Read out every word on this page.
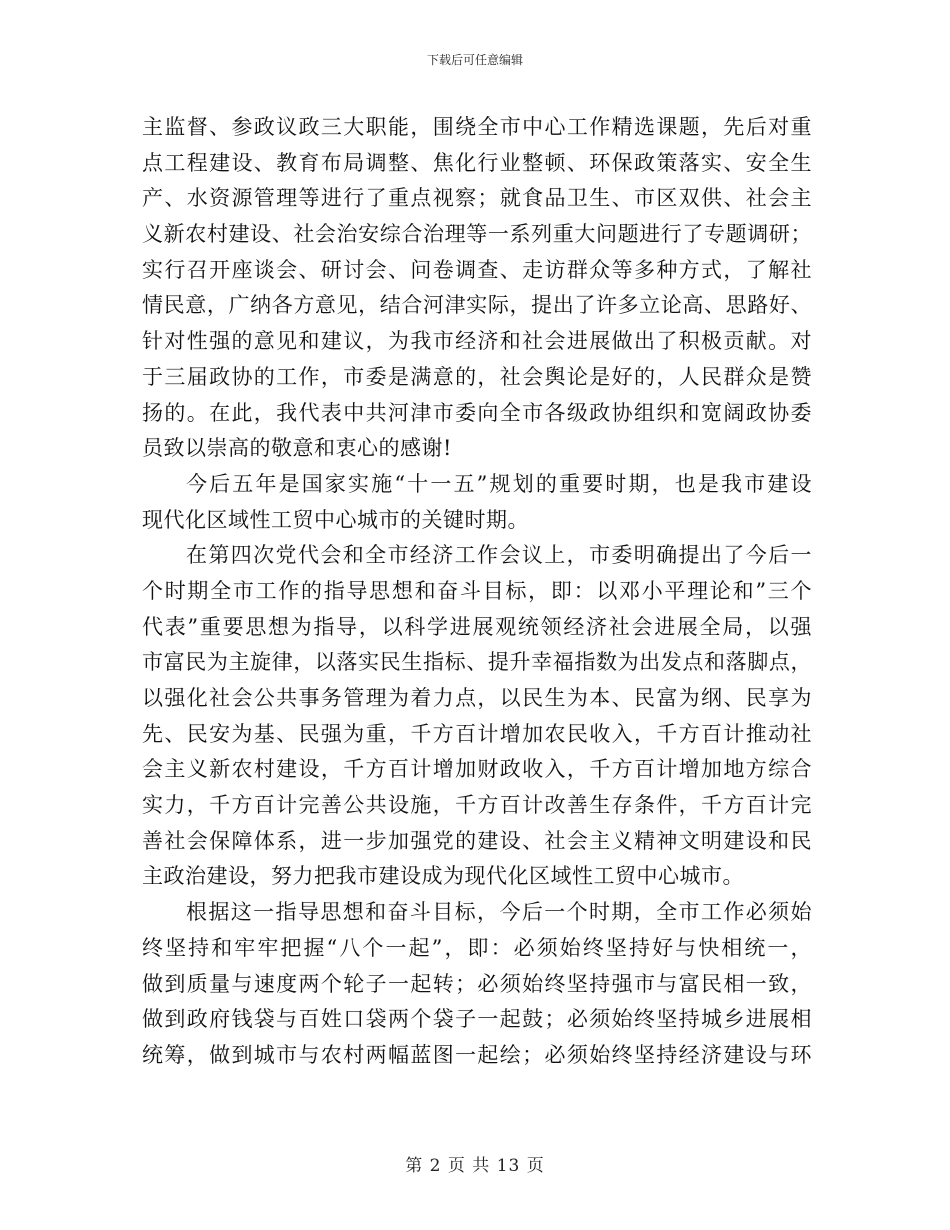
下载后可任意编辑
主监督、参政议政三大职能，围绕全市中心工作精选课题，先后对重
点工程建设、教育布局调整、焦化行业整顿、环保政策落实、安全生
产、水资源管理等进行了重点视察；就食品卫生、市区双供、社会主
义新农村建设、社会治安综合治理等一系列重大问题进行了专题调研；
实行召开座谈会、研讨会、问卷调查、走访群众等多种方式，了解社
情民意，广纳各方意见，结合河津实际，提出了许多立论高、思路好、
针对性强的意见和建议，为我市经济和社会进展做出了积极贡献。对
于三届政协的工作，市委是满意的，社会舆论是好的，人民群众是赞
扬的。在此，我代表中共河津市委向全市各级政协组织和宽阔政协委
员致以崇高的敬意和衷心的感谢!
今后五年是国家实施“十一五”规划的重要时期，也是我市建设
现代化区域性工贸中心城市的关键时期。
在第四次党代会和全市经济工作会议上，市委明确提出了今后一
个时期全市工作的指导思想和奋斗目标，即：以邓小平理论和”三个
代表”重要思想为指导，以科学进展观统领经济社会进展全局，以强
市富民为主旋律，以落实民生指标、提升幸福指数为出发点和落脚点，
以强化社会公共事务管理为着力点，以民生为本、民富为纲、民享为
先、民安为基、民强为重，千方百计增加农民收入，千方百计推动社
会主义新农村建设，千方百计增加财政收入，千方百计增加地方综合
实力，千方百计完善公共设施，千方百计改善生存条件，千方百计完
善社会保障体系，进一步加强党的建设、社会主义精神文明建设和民
主政治建设，努力把我市建设成为现代化区域性工贸中心城市。
根据这一指导思想和奋斗目标，今后一个时期，全市工作必须始
终坚持和牢牢把握“八个一起”，即：必须始终坚持好与快相统一，
做到质量与速度两个轮子一起转；必须始终坚持强市与富民相一致，
做到政府钱袋与百姓口袋两个袋子一起鼓；必须始终坚持城乡进展相
统筹，做到城市与农村两幅蓝图一起绘；必须始终坚持经济建设与环
第 2 页 共 13 页
